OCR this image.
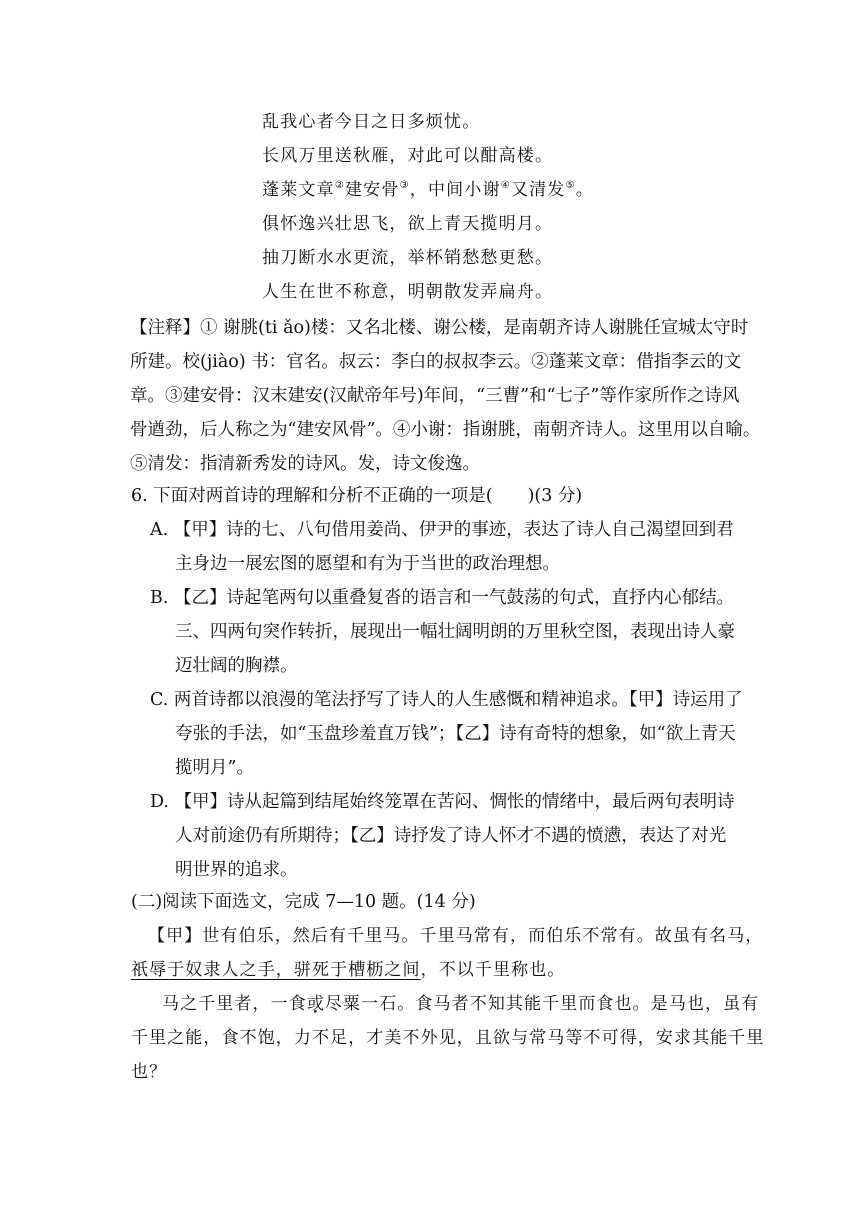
乱我心者今日之日多烦忧。
长风万里送秋雁，对此可以酣高楼。
蓬莱文章②建安骨③，中间小谢④又清发⑤。
俱怀逸兴壮思飞，欲上青天揽明月。
抽刀断水水更流，举杯销愁愁更愁。
人生在世不称意，明朝散发弄扁舟。
【注释】① 谢朓(ti ǎo)楼：又名北楼、谢公楼，是南朝齐诗人谢朓任宣城太守时
所建。校(jiào) 书：官名。叔云：李白的叔叔李云。②蓬莱文章：借指李云的文
章。③建安骨：汉末建安(汉献帝年号)年间，“三曹”和“七子”等作家所作之诗风
骨遒劲，后人称之为“建安风骨”。④小谢：指谢朓，南朝齐诗人。这里用以自喻。
⑤清发：指清新秀发的诗风。发，诗文俊逸。
6. 下面对两首诗的理解和分析不正确的一项是(　　)(3 分)
A. 【甲】诗的七、八句借用姜尚、伊尹的事迹，表达了诗人自己渴望回到君
主身边一展宏图的愿望和有为于当世的政治理想。
B. 【乙】诗起笔两句以重叠复沓的语言和一气鼓荡的句式，直抒内心郁结。
三、四两句突作转折，展现出一幅壮阔明朗的万里秋空图，表现出诗人豪
迈壮阔的胸襟。
C. 两首诗都以浪漫的笔法抒写了诗人的人生感慨和精神追求。【甲】诗运用了
夸张的手法，如“玉盘珍羞直万钱”；【乙】诗有奇特的想象，如“欲上青天
揽明月”。
D. 【甲】诗从起篇到结尾始终笼罩在苦闷、惆怅的情绪中，最后两句表明诗
人对前途仍有所期待；【乙】诗抒发了诗人怀才不遇的愤懑，表达了对光
明世界的追求。
(二)阅读下面选文，完成 7—10 题。(14 分)
【甲】世有伯乐，然后有千里马。千里马常有，而伯乐不常有。故虽有名马，
祇辱于奴隶人之手，骈死于槽枥之间，不以千里称也。
马之千里者，一食或尽粟一石。食马者不知其能千里而食也。是马也，虽有
千里之能，食不饱，力不足，才美不外见，且欲与常马等不可得，安求其能千里
也？
